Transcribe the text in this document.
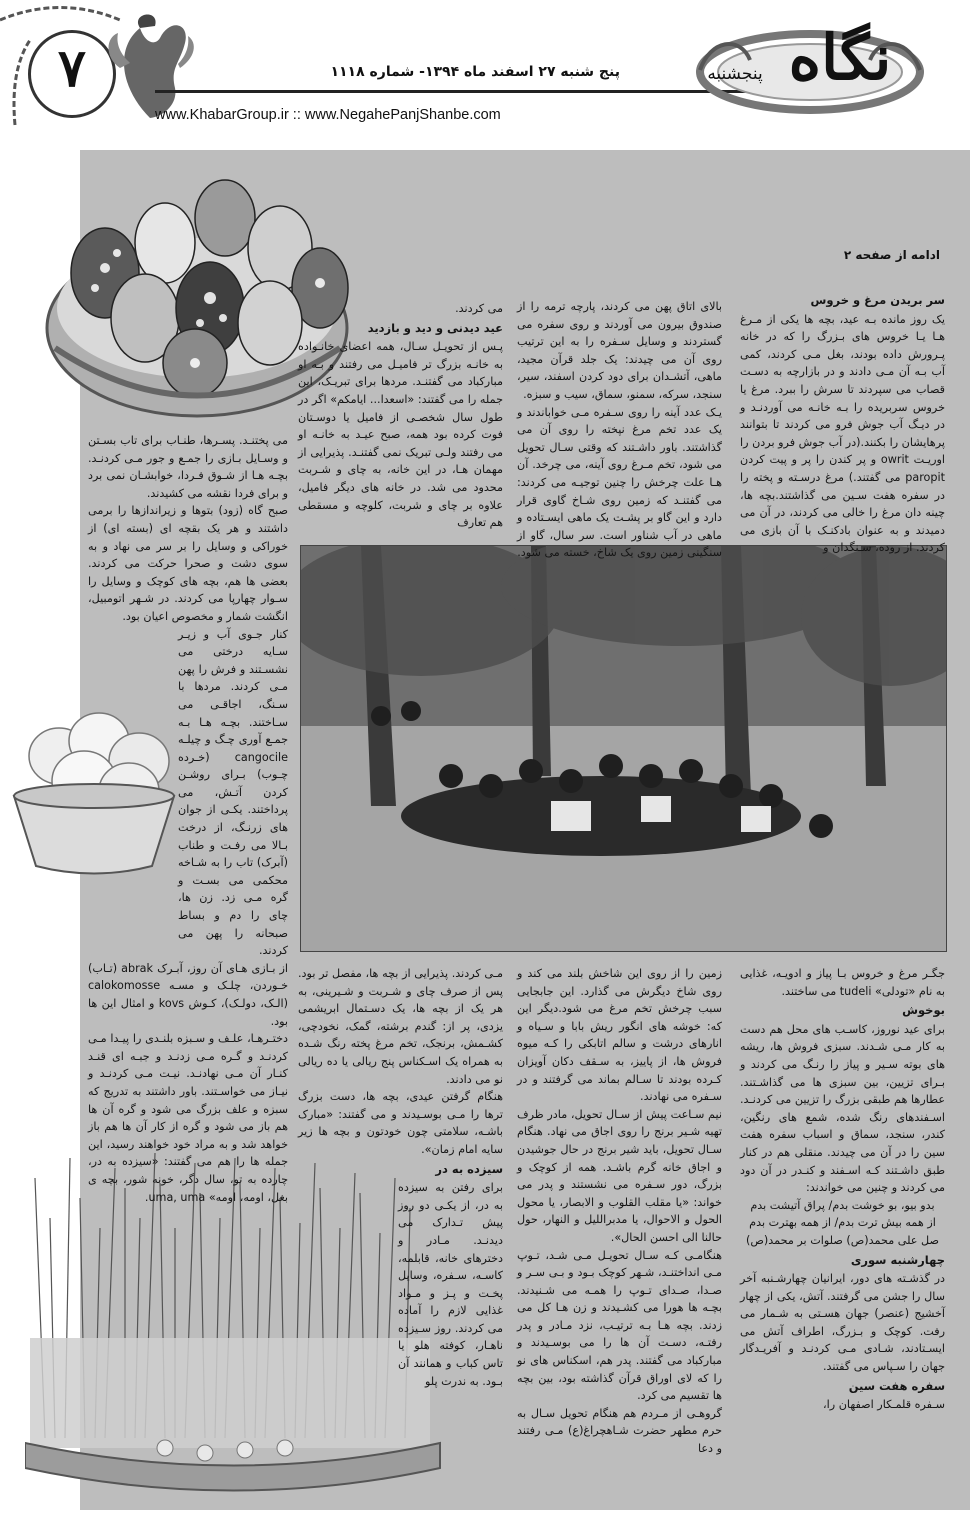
۷	پنج شنبه ۲۷ اسفند ماه ۱۳۹۴- شماره ۱۱۱۸
www.KhabarGroup.ir :: www.NegahePanjShanbe.com
نگاه
پنجشنبه
ادامه از صفحه ۲
سر بریدن مرغ و خروس

یک روز مانده بـه عید، بچه ها یکی از مـرغ هـا یـا خروس های بـزرگ را که در خانه پـرورش داده بودند، بغل مـی کردند، کمی آب بـه آن مـی دادند و در بازارچه به دسـت قصاب می سپردند تا سرش را ببرد. مرغ یا خروس سربریده را بـه خانـه می آوردنـد و در دیـگ آب جوش فرو می کردند تا بتوانند پرهایشان را بکنند.(در آب جوش فرو بردن را اوریـت owrit و پر کندن را پر و پیت کردن paropit می گفتند.) مرغ درسـته و پخته را در سفره هفت سـین می گذاشتند.بچه ها، چینه دان مرغ را خالی می کردند، در آن می دمیدند و به عنوان بادکنـک با آن بازی می کردند. از روده، سـنگدان و

بالای اتاق پهن می کردند، پارچه ترمه را از صندوق بیرون می آوردند و روی سفره می گستردند و وسایل سـفره را به این ترتیب روی آن می چیدند: یک جلد قرآن مجید، ماهی، آتشـدان برای دود کردن اسفند، سیر، سنجد، سرکه، سمنو، سماق، سیب و سبزه.

یـک عدد آینه را روی سـفره مـی خواباندند و یک عدد تخم مرغ نپخته را روی آن می گذاشتند. باور داشـتند که وقتی سـال تحویل می شود، تخم مـرغ روی آینه، می چرخد. آن هـا علت چرخش را چنین توجیـه می کردند: می گفتنـد که زمین روی شـاخ گاوی قرار دارد و این گاو بر پشـت یک ماهی ایسـتاده و ماهی در آب شناور است. سر سال، گاو از سنگینی زمین روی یک شاخ، خسته می شود.

می کردند.

عید دیدنی و دید و بازدید

پـس از تحویـل سـال، همه اعضای خانـواده به خانـه بزرگ تر فامیـل می رفتند و بـه او مبارکباد می گفتنـد. مردها برای تبریـک، این جمله را می گفتند: «اسعدا... ایامکم» اگر در طول سال شخصـی از فامیل یا دوسـتان فوت کرده بود همه، صبح عیـد به خانـه او می رفتند ولـی تبریک نمی گفتنـد. پذیرایی از مهمان هـا، در این خانه، به چای و شـربت محدود می شد. در خانه های دیگر فامیل، علاوه بر چای و شربت، کلوچه و مسقطی هم تعارف

می پختنـد. پسـرها، طنـاب برای تاب بسـتن و وسـایل بـازی را جمـع و جور مـی کردنـد. بچـه هـا از شـوق فـردا، خوابشـان نمی برد و برای فردا نقشه می کشیدند.

صبح گاه (زود) بتوها و زیراندازها را برمی داشتند و هر یک بقچه ای (بسته ای) از خوراکی و وسایل را بر سر می نهاد و به سوی دشت و صحرا حرکت می کردند. بعضی ها هم، بچه های کوچک و وسایل را سـوار چهارپا می کردند. در شـهر اتومبیل، انگشت شمار و مخصوص اعیان بود.

کنار جـوی آب و زیـر سـایه درختی می نشسـتند و فرش را پهن مـی کردند. مردها با سـنگ، اجاقـی می سـاختند. بچـه هـا بـه جمـع آوری چـگ و چیلـه cangocile (خـرده چـوب) بـرای روشـن کردن آتـش، می پرداختند. یکـی از جوان های زرنـگ، از درخت بـالا می رفـت و طناب (آبرک) تاب را به شـاخه محکمی می بسـت و گره مـی زد. زن ها، چای را دم و بساط صبحانه را پهن می کردند.

از بـازی هـای آن روز، آبـرک abrak (تـاب) خـوردن، چلـک و مسـه calokomosse (الـک، دولـک)، کـوش kovs و امثال این ها بود.

دختـرهـا، علـف و سـبزه بلنـدی را پیـدا مـی کردنـد و گـره مـی زدنـد و جبـه ای قنـد کنـار آن مـی نهادنـد. نیـت مـی کردنـد و نیـاز می خواسـتند. باور داشتند به تدریج که سبزه و علف بزرگ می شود و گره آن ها هم باز می شود و گره از کار آن ها هم باز خواهد شد و به مراد خود خواهند رسید، این جمله ها را هم می گفتند: «سیزده به در، چارده به تو، سال دگر، خونه شور، بچه ی بغل، اومه، اومه» uma, uma.

جگـر مرغ و خروس بـا پیاز و ادویـه، غذایی به نام «تودلی» tudeli می ساختند.

بوخوش

برای عید نوروز، کاسـب های محل هم دست به کار مـی شـدند. سبزی فروش ها، ریشه های بوته سـیر و پیاز را رنـگ می کردند و بـرای تزیین، بین سبزی ها می گذاشـتند. عطارها هم طبقی بزرگ را تزیین می کردنـد. اسـفندهای رنگ شده، شمع های رنگین، کندر، سنجد، سماق و اسباب سفره هفت سین را در آن می چیدند. منقلی هم در کنار طبق داشـتند کـه اسـفند و کنـدر در آن دود می کردند و چنین می خواندند:

بدو بیو، بو خوشت بدم/ پراق آتیشت بدم

از همه بیش ترت بدم/ از همه بهترت بدم

صل علی محمد(ص) صلوات بر محمد(ص)

چهارشنبه سوری

در گذشـته های دور، ایرانیان چهارشـنبه آخر سال را جشن می گرفتند. آتش، یکی از چهار آخشیج (عنصر) جهان هسـتی به شـمار می رفت. کوچک و بـزرگ، اطراف آتش می ایسـتادند، شـادی مـی کردنـد و آفریـدگار جهان را سـپاس می گفتند.

سفره هفت سین

سـفره قلمـکار اصفهان را،

زمین را از روی این شاخش بلند می کند و روی شاخ دیگرش می گذارد. این جابجایی سبب چرخش تخم مرغ می شود.دیگر این که: خوشه های انگور ریش بابا و سـیاه و انارهای درشت و سالم اتابکی را کـه میوه فروش ها، از پاییز، به سـقف دکان آویزان کـرده بودند تا سـالم بماند می گرفتند و در سـفره می نهادند.

نیم سـاعت پیش از سـال تحویل، مادر ظرف تهیه شـیر برنج را روی اجاق می نهاد. هنگام سـال تحویل، باید شیر برنج در حال جوشیدن و اجاق خانه گرم باشـد. همه از کوچک و بزرگ، دور سـفره می نشستند و پدر می خواند: «یا مقلب القلوب و الابصار، یا محول الحول و الاحوال، یا مدبراللیل و النهار، حول حالنا الی احسن الحال».

هنگامـی کـه سـال تحویـل مـی شـد، تـوپ مـی انداختنـد، شـهر کوچک بـود و بـی سـر و صـدا، صـدای تـوپ را همـه می شـنیدند. بچـه ها هورا می کشـیدند و زن هـا کل می زدند. بچه هـا بـه ترتیـب، نزد مـادر و پدر رفتـه، دسـت آن ها را می بوسـیدند و مبارکباد می گفتند. پدر هم، اسکناس های نو را که لای اوراق قرآن گذاشته بود، بین بچه ها تقسیم می کرد.

گروهـی از مـردم هم هنگام تحویل سـال به حرم مطهر حضرت شـاهچراغ(ع) مـی رفتند و دعا

مـی کردند. پذیرایی از بچه ها، مفصل تر بود. پس از صرف چای و شـربت و شـیرینی، به هر یک از بچه ها، یک دسـتمال ابریشمی یزدی، پر از: گندم برشته، گمک، نخودچی، کشـمش، برنجک، تخم مرغ پخته رنگ شـده به همراه یک اسـکناس پنج ریالی یا ده ریالی نو می دادند.

هنگام گرفتن عیدی، بچه ها، دست بزرگ ترها را مـی بوسـیدند و می گفتند: «مبارک باشـه، سلامتی چون خودتون و بچه ها زیر سایه امام زمان».

سیزده به در

برای رفتن به سیزده به در، از یکـی دو روز پیش تـدارک می دیدنـد. مـادر و دخترهای خانه، قابلمه، کاسـه، سـفره، وسایل پخـت و پـز و مـواد غذایی لازم را آماده می کردند. روز سـیزده ناهـار، کوفته هلو یا تاس کباب و همانند آن بـود. به ندرت پلو
